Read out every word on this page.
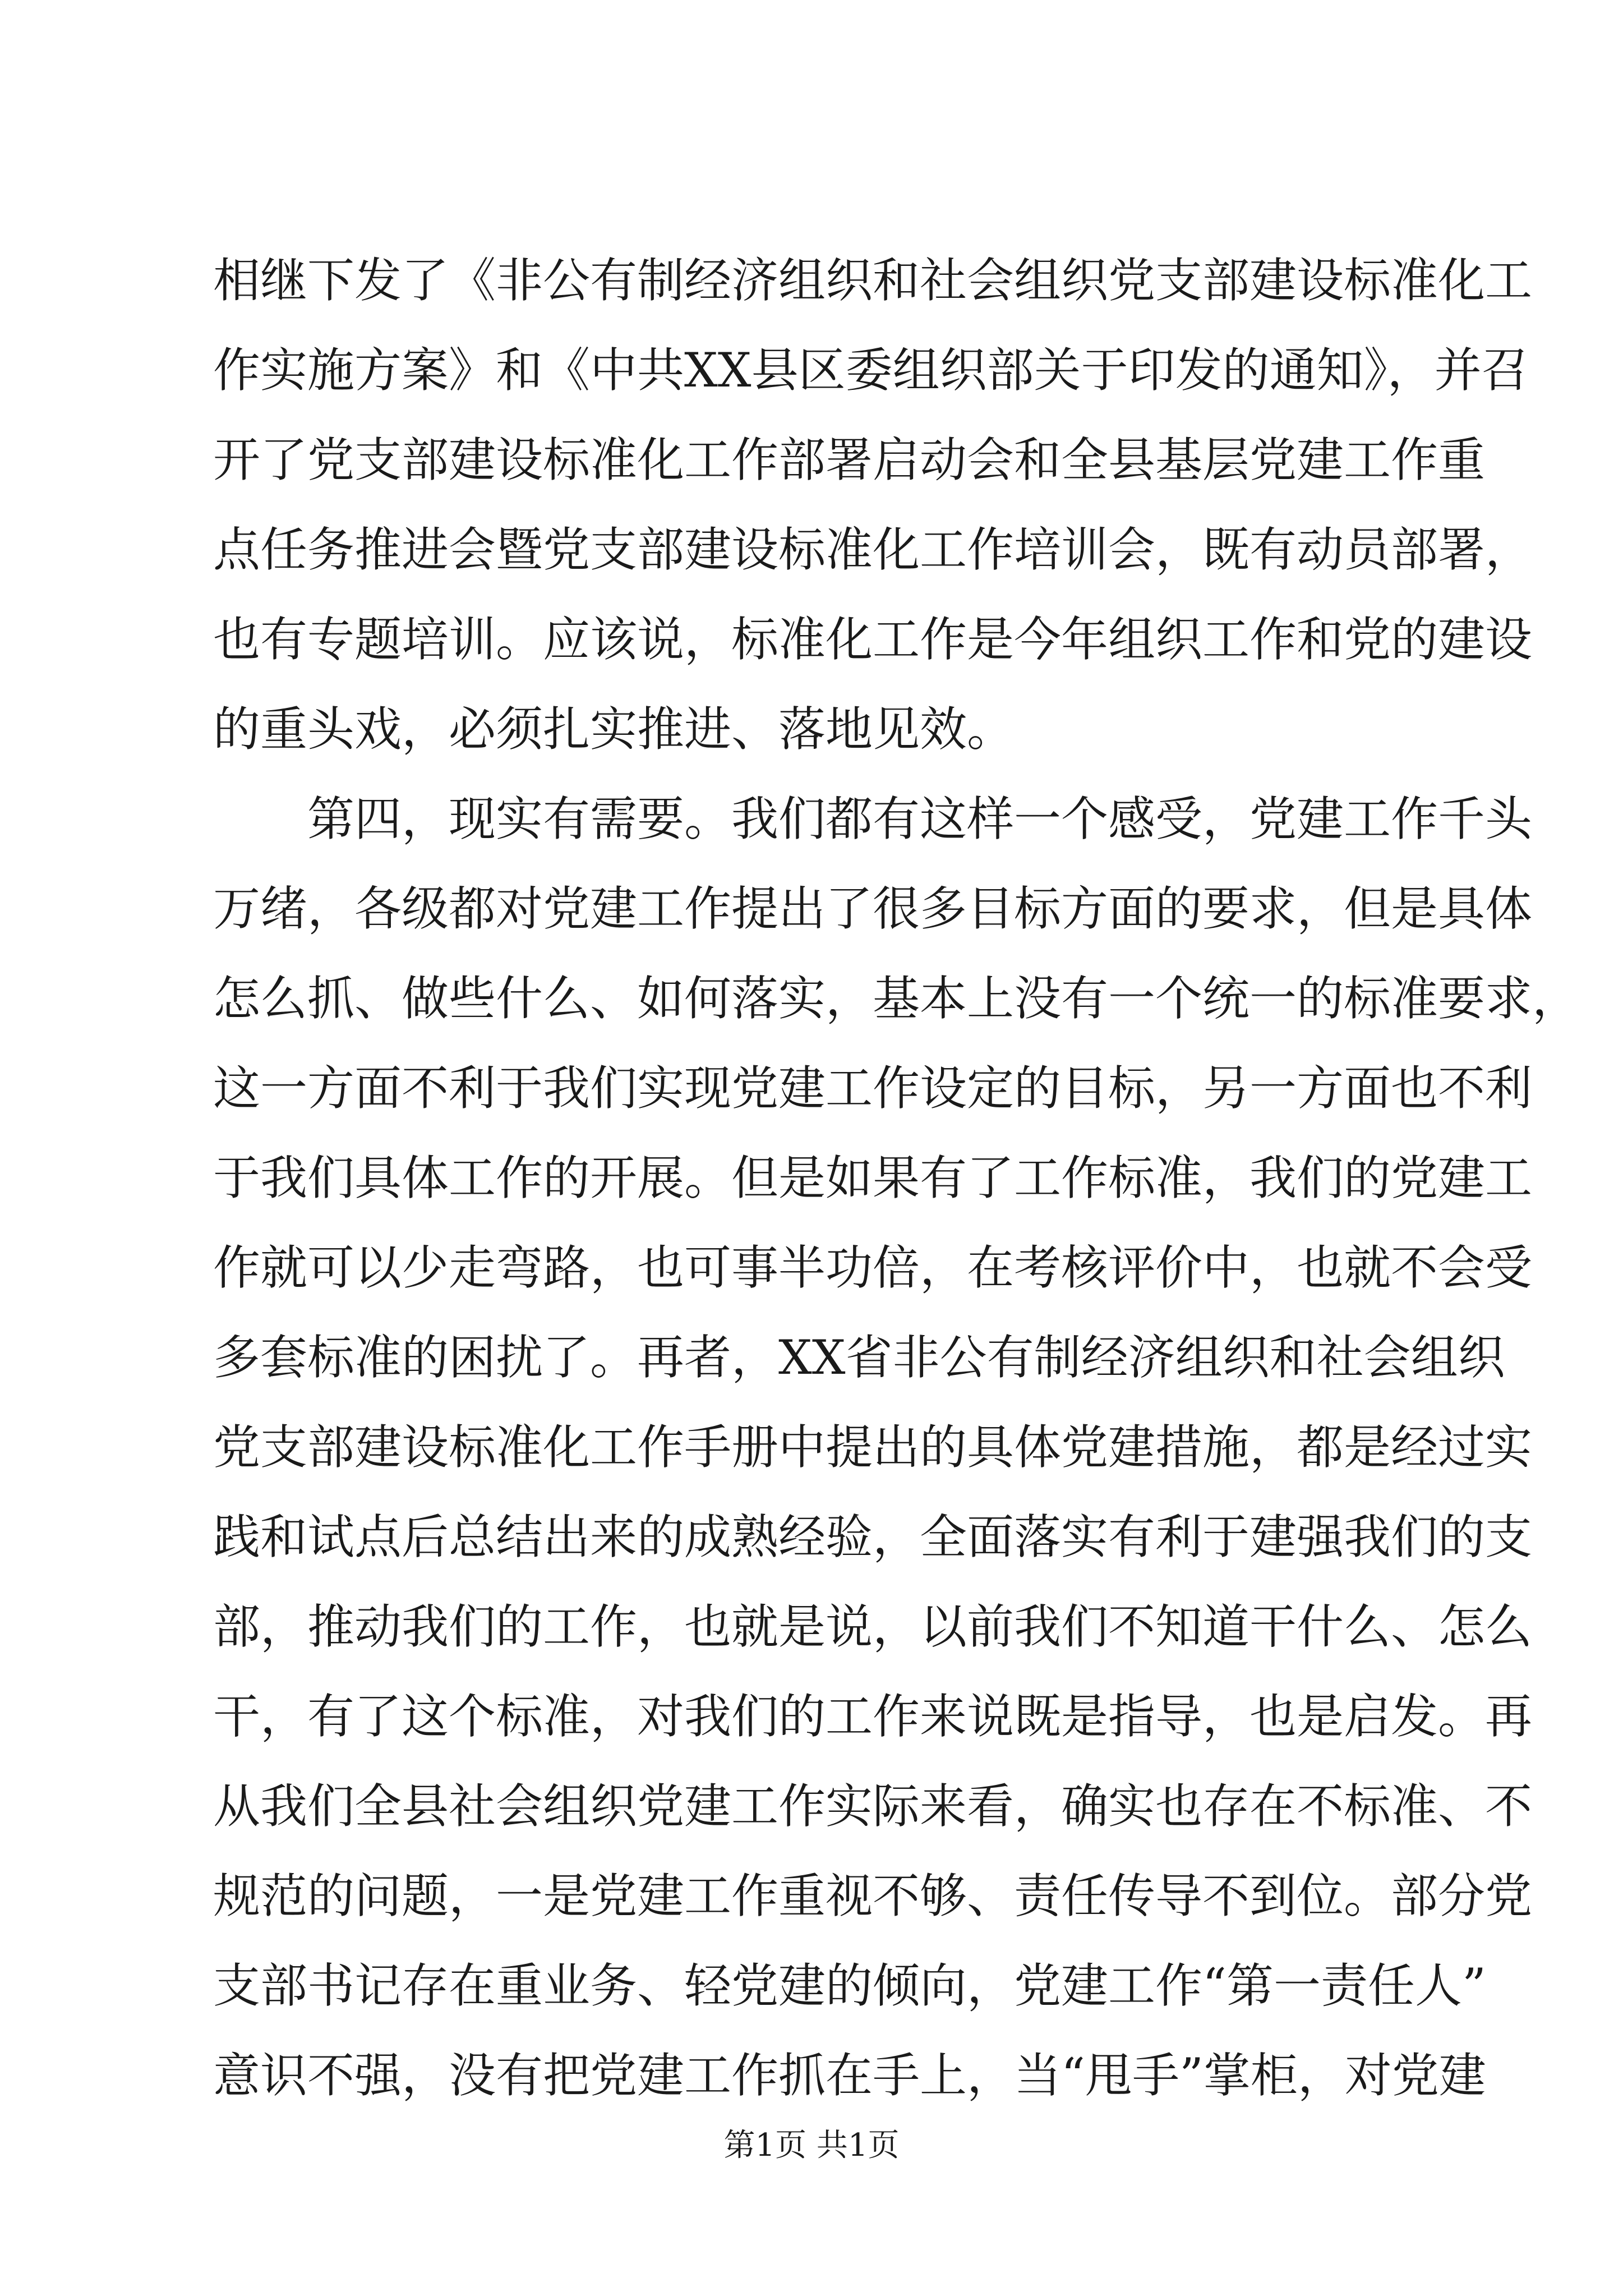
相继下发了《非公有制经济组织和社会组织党支部建设标准化工
作实施方案》和《中共XX县区委组织部关于印发的通知》，并召
开了党支部建设标准化工作部署启动会和全县基层党建工作重
点任务推进会暨党支部建设标准化工作培训会，既有动员部署，
也有专题培训。应该说，标准化工作是今年组织工作和党的建设
的重头戏，必须扎实推进、落地见效。
　　第四，现实有需要。我们都有这样一个感受，党建工作千头
万绪，各级都对党建工作提出了很多目标方面的要求，但是具体
怎么抓、做些什么、如何落实，基本上没有一个统一的标准要求，
这一方面不利于我们实现党建工作设定的目标，另一方面也不利
于我们具体工作的开展。但是如果有了工作标准，我们的党建工
作就可以少走弯路，也可事半功倍，在考核评价中，也就不会受
多套标准的困扰了。再者，XX省非公有制经济组织和社会组织
党支部建设标准化工作手册中提出的具体党建措施，都是经过实
践和试点后总结出来的成熟经验，全面落实有利于建强我们的支
部，推动我们的工作，也就是说，以前我们不知道干什么、怎么
干，有了这个标准，对我们的工作来说既是指导，也是启发。再
从我们全县社会组织党建工作实际来看，确实也存在不标准、不
规范的问题，一是党建工作重视不够、责任传导不到位。部分党
支部书记存在重业务、轻党建的倾向，党建工作“第一责任人”
意识不强，没有把党建工作抓在手上，当“甩手”掌柜，对党建
第1页 共1页
